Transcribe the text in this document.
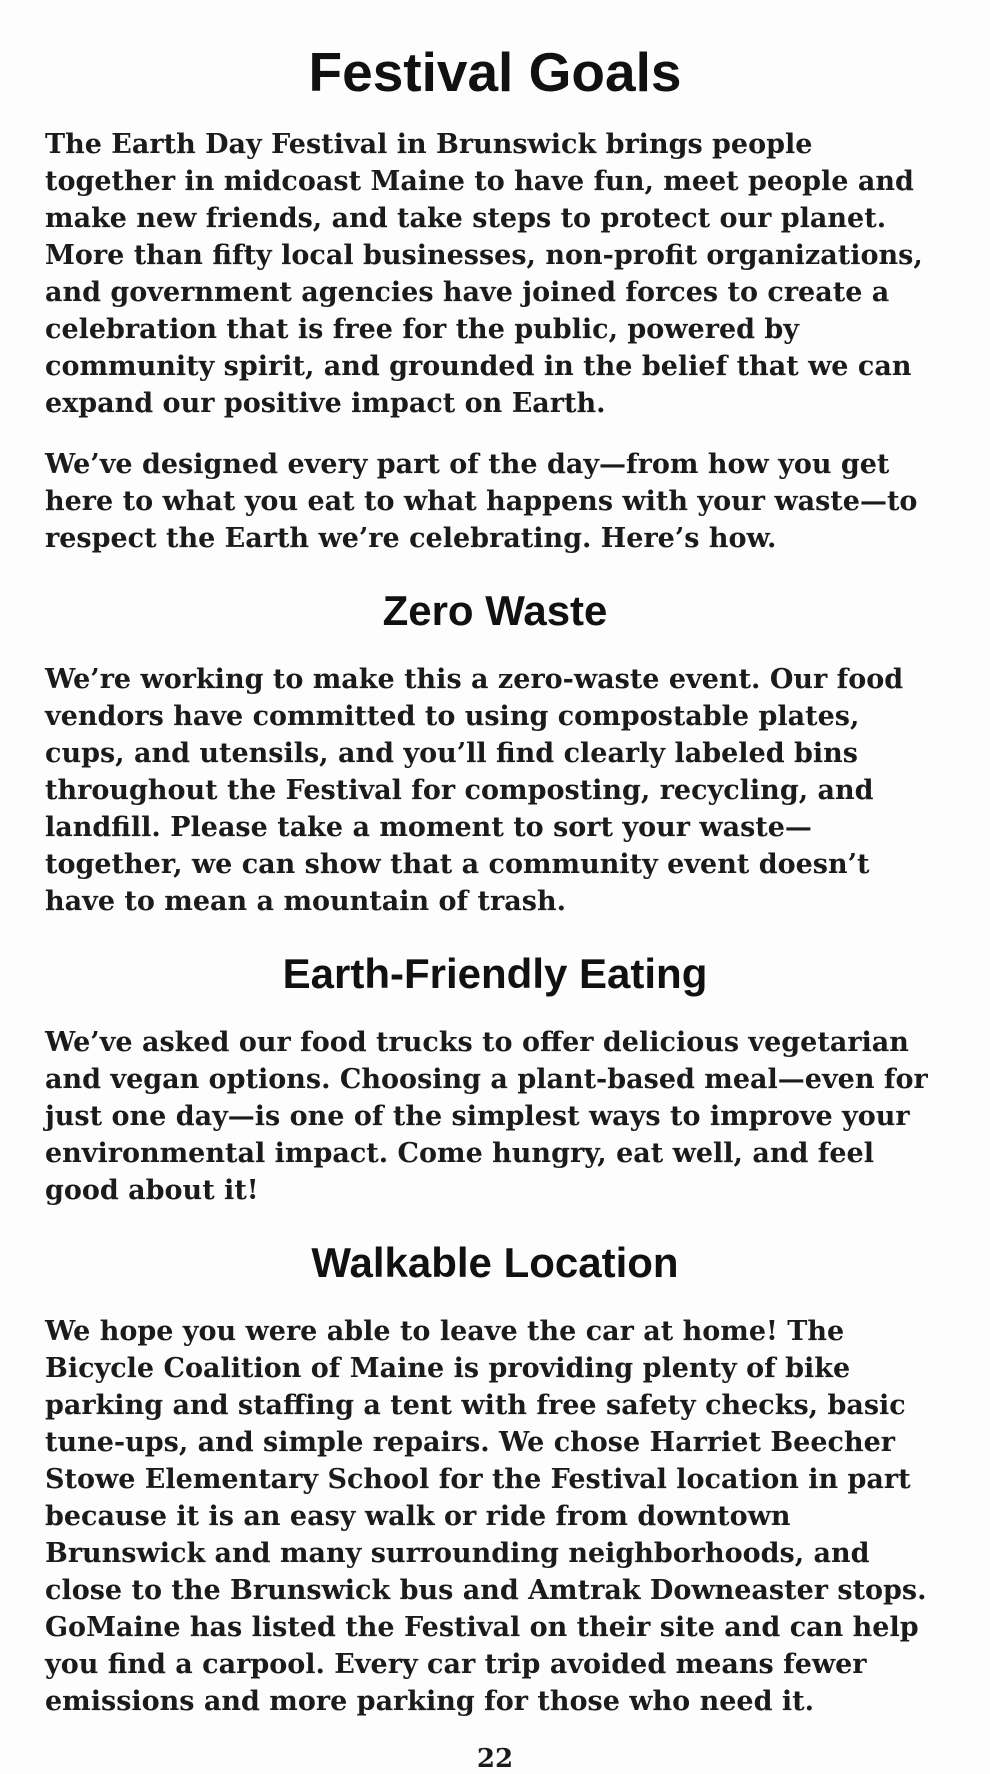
Festival Goals

The Earth Day Festival in Brunswick brings people together in midcoast Maine to have fun, meet people and make new friends, and take steps to protect our planet. More than fifty local businesses, non-profit organizations, and government agencies have joined forces to create a celebration that is free for the public, powered by community spirit, and grounded in the belief that we can expand our positive impact on Earth.

We’ve designed every part of the day—from how you get here to what you eat to what happens with your waste—to respect the Earth we’re celebrating. Here’s how.

Zero Waste

We’re working to make this a zero-waste event. Our food vendors have committed to using compostable plates, cups, and utensils, and you’ll find clearly labeled bins throughout the Festival for composting, recycling, and landfill. Please take a moment to sort your waste—together, we can show that a community event doesn’t have to mean a mountain of trash.

Earth-Friendly Eating

We’ve asked our food trucks to offer delicious vegetarian and vegan options. Choosing a plant-based meal—even for just one day—is one of the simplest ways to improve your environmental impact. Come hungry, eat well, and feel good about it!

Walkable Location

We hope you were able to leave the car at home! The Bicycle Coalition of Maine is providing plenty of bike parking and staffing a tent with free safety checks, basic tune-ups, and simple repairs. We chose Harriet Beecher Stowe Elementary School for the Festival location in part because it is an easy walk or ride from downtown Brunswick and many surrounding neighborhoods, and close to the Brunswick bus and Amtrak Downeaster stops. GoMaine has listed the Festival on their site and can help you find a carpool. Every car trip avoided means fewer emissions and more parking for those who need it.

22
